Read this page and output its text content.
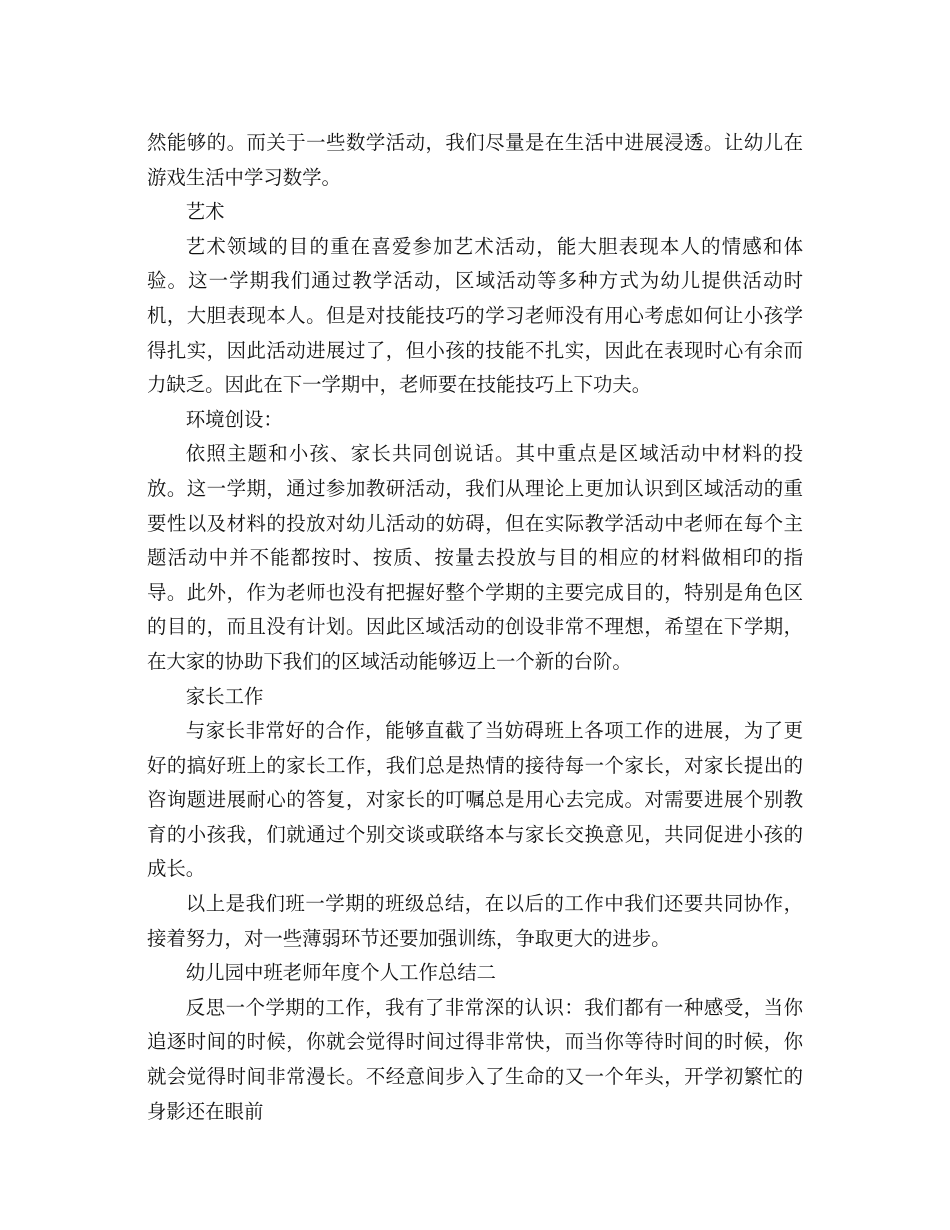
然能够的。而关于一些数学活动，我们尽量是在生活中进展浸透。让幼儿在游戏生活中学习数学。

艺术

艺术领域的目的重在喜爱参加艺术活动，能大胆表现本人的情感和体验。这一学期我们通过教学活动，区域活动等多种方式为幼儿提供活动时机，大胆表现本人。但是对技能技巧的学习老师没有用心考虑如何让小孩学得扎实，因此活动进展过了，但小孩的技能不扎实，因此在表现时心有余而力缺乏。因此在下一学期中，老师要在技能技巧上下功夫。

环境创设：

依照主题和小孩、家长共同创说话。其中重点是区域活动中材料的投放。这一学期，通过参加教研活动，我们从理论上更加认识到区域活动的重要性以及材料的投放对幼儿活动的妨碍，但在实际教学活动中老师在每个主题活动中并不能都按时、按质、按量去投放与目的相应的材料做相印的指导。此外，作为老师也没有把握好整个学期的主要完成目的，特别是角色区的目的，而且没有计划。因此区域活动的创设非常不理想，希望在下学期，在大家的协助下我们的区域活动能够迈上一个新的台阶。

家长工作

与家长非常好的合作，能够直截了当妨碍班上各项工作的进展，为了更好的搞好班上的家长工作，我们总是热情的接待每一个家长，对家长提出的咨询题进展耐心的答复，对家长的叮嘱总是用心去完成。对需要进展个别教育的小孩我，们就通过个别交谈或联络本与家长交换意见，共同促进小孩的成长。

以上是我们班一学期的班级总结，在以后的工作中我们还要共同协作，接着努力，对一些薄弱环节还要加强训练，争取更大的进步。

幼儿园中班老师年度个人工作总结二

反思一个学期的工作，我有了非常深的认识：我们都有一种感受，当你追逐时间的时候，你就会觉得时间过得非常快，而当你等待时间的时候，你就会觉得时间非常漫长。不经意间步入了生命的又一个年头，开学初繁忙的身影还在眼前
